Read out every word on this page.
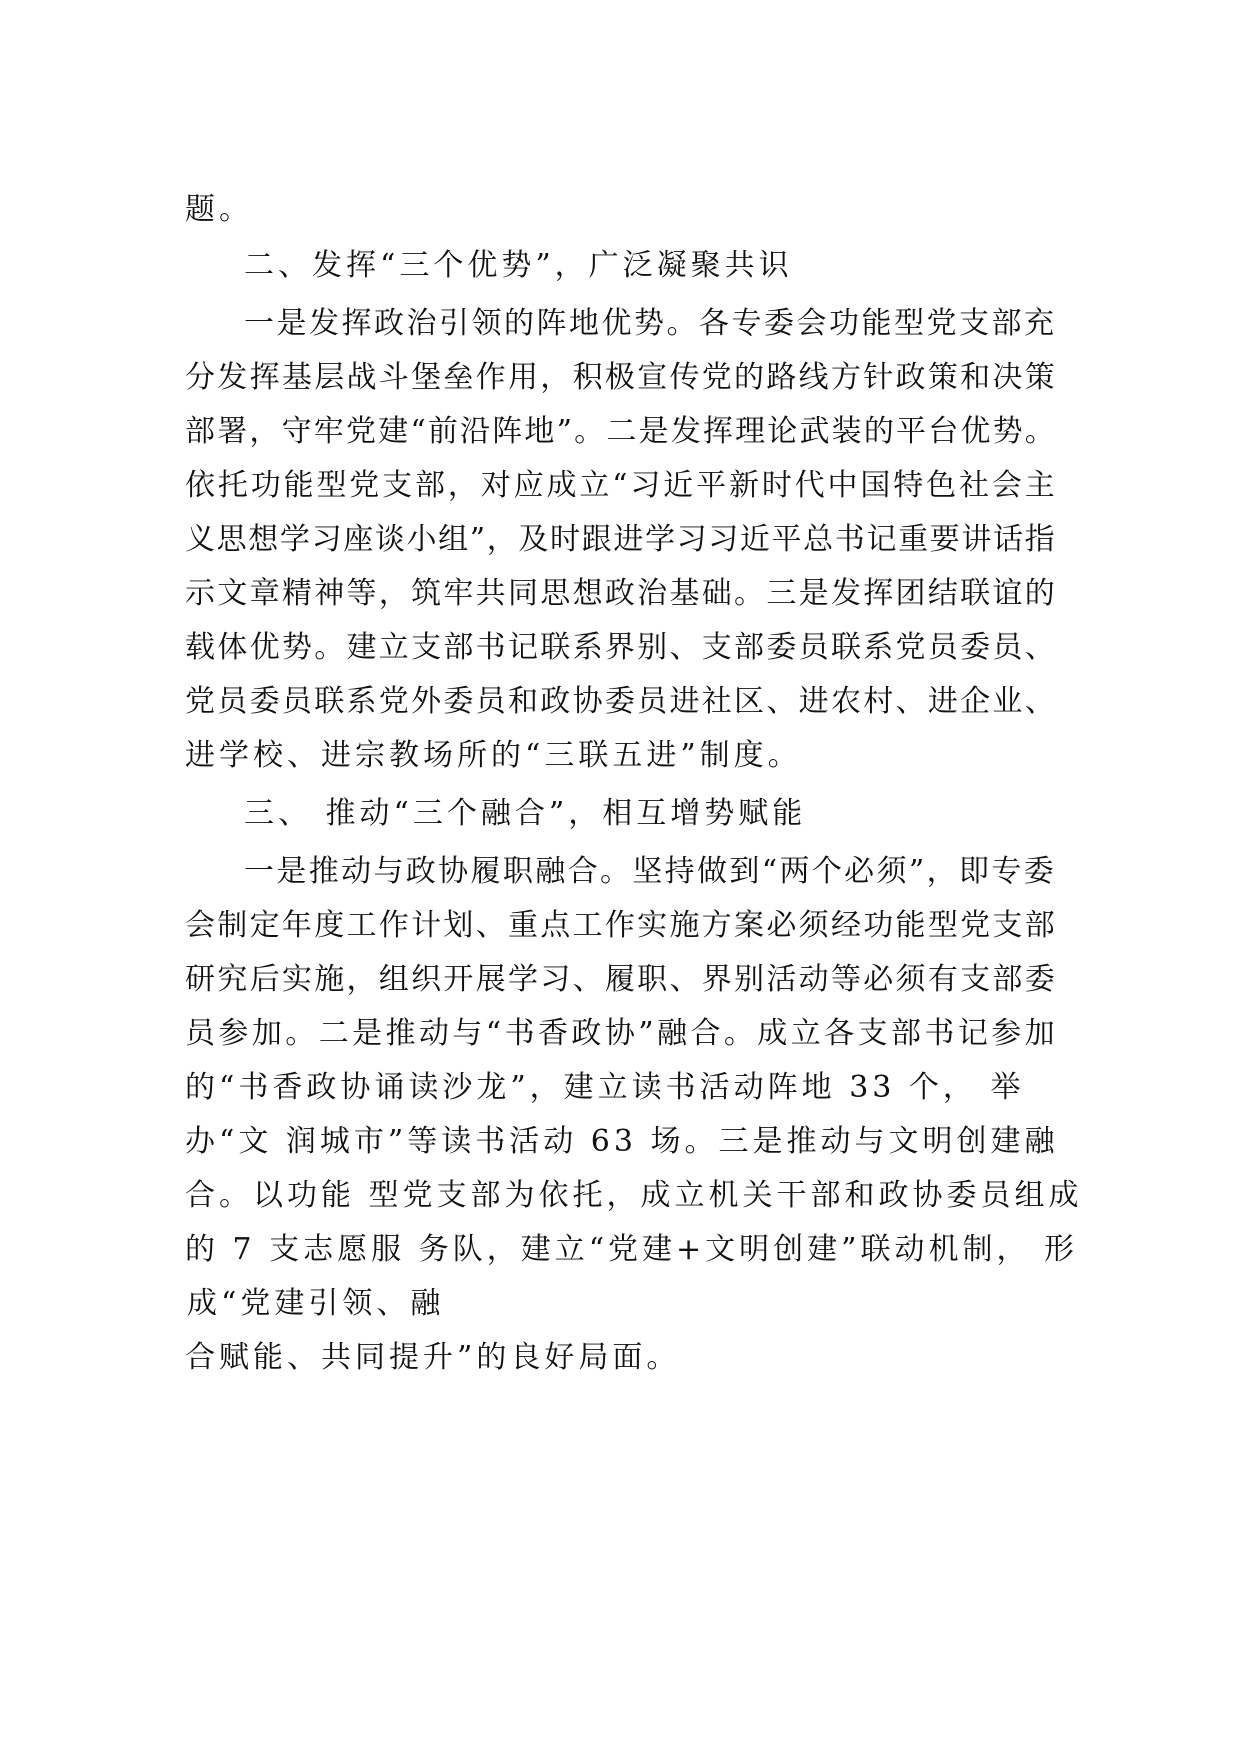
题。
二、发挥“三个优势”，广泛凝聚共识
一 是 发 挥 政 治 引 领 的 阵 地 优 势 。 各 专 委 会 功 能 型 党 支 部 充
分 发 挥 基 层 战 斗 堡 垒 作 用 ， 积 极 宣 传 党 的 路 线 方 针 政 策 和 决 策
部 署 ， 守 牢 党 建 “ 前 沿 阵 地 ” 。 二 是 发 挥 理 论 武 装 的 平 台 优 势 。
依 托 功 能 型 党 支 部 ， 对 应 成 立 “ 习 近 平 新 时 代 中 国 特 色 社 会 主
义 思 想 学 习 座 谈 小 组 ” ， 及 时 跟 进 学 习 习 近 平 总 书 记 重 要 讲 话 指
示 文 章 精 神 等 ， 筑 牢 共 同 思 想 政 治 基 础 。 三 是 发 挥 团 结 联 谊 的
载 体 优 势 。 建 立 支 部 书 记 联 系 界 别 、 支 部 委 员 联 系 党 员 委 员 、
党 员 委 员 联 系 党 外 委 员 和 政 协 委 员 进 社 区 、 进 农 村 、 进 企 业 、
进学校、进宗教场所的“三联五进”制度。
三、 推动“三个融合”，相互增势赋能
一 是 推 动 与 政 协 履 职 融 合 。 坚 持 做 到 “ 两 个 必 须 ” ， 即 专 委
会 制 定 年 度 工 作 计 划 、 重 点 工 作 实 施 方 案 必 须 经 功 能 型 党 支 部
研 究 后 实 施 ， 组 织 开 展 学 习 、 履 职 、 界 别 活 动 等 必 须 有 支 部 委
员 参 加 。 二 是 推 动 与 “ 书 香 政 协 ” 融 合 。 成 立 各 支 部 书 记 参 加
的“书香政协诵读沙龙”，建立读书活动阵地 33 个， 举
办“文 润城市”等读书活动 63 场。三是推动与文明创建融
合。以功能 型党支部为依托，成立机关干部和政协委员组成
的 7 支志愿服 务队，建立“党建+文明创建”联动机制， 形
成“党建引领、融
合赋能、共同提升”的良好局面。
